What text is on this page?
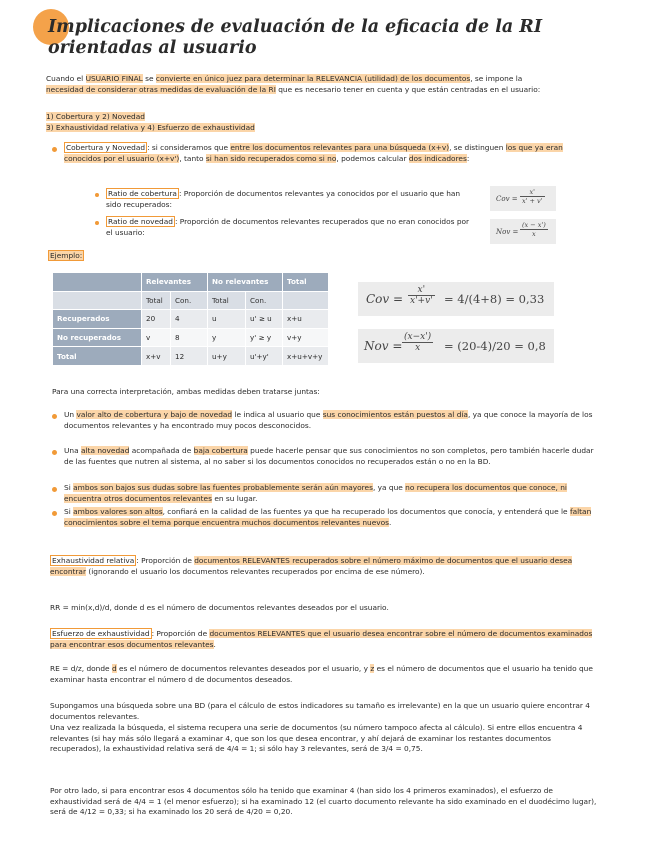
Implicaciones de evaluación de la eficacia de la RI orientadas al usuario
Cuando el USUARIO FINAL se convierte en único juez para determinar la RELEVANCIA (utilidad) de los documentos, se impone la necesidad de considerar otras medidas de evaluación de la RI que es necesario tener en cuenta y que están centradas en el usuario:
1) Cobertura y 2) Novedad
3) Exhaustividad relativa y 4) Esfuerzo de exhaustividad
Cobertura y Novedad : si consideramos que entre los documentos relevantes para una búsqueda (x+v), se distinguen los que ya eran conocidos por el usuario (x+v'), tanto si han sido recuperados como si no, podemos calcular dos indicadores:
Ratio de cobertura : Proporción de documentos relevantes ya conocidos por el usuario que han sido recuperados:
Ratio de novedad : Proporción de documentos relevantes recuperados que no eran conocidos por el usuario:
Cov =
x'
x' + v'
Nov =
(x − x')
x
Ejemplo:
	Relevantes		No relevantes		Total
	Total	Con.	Total	Con.	
Recuperados	20	4	u	u' ≥ u	x+u
No recuperados	v	8	y	y' ≥ y	v+y
Total	x+v	12	u+y	u'+y'	x+u+v+y
Cov =
x'
x'+v' = 4/(4+8) = 0,33
Nov =
(x−x')
x	= (20-4)/20 = 0,8
Para una correcta interpretación, ambas medidas deben tratarse juntas:
Un valor alto de cobertura y bajo de novedad le indica al usuario que sus conocimientos están puestos al día, ya que conoce la mayoría de los documentos relevantes y ha encontrado muy pocos desconocidos.
Una alta novedad acompañada de baja cobertura puede hacerle pensar que sus conocimientos no son completos, pero también hacerle dudar de las fuentes que nutren al sistema, al no saber si los documentos conocidos no recuperados están o no en la BD.
Si ambos son bajos sus dudas sobre las fuentes probablemente serán aún mayores, ya que no recupera los documentos que conoce, ni encuentra otros documentos relevantes en su lugar.
Si ambos valores son altos, confiará en la calidad de las fuentes ya que ha recuperado los documentos que conocía, y entenderá que le faltan conocimientos sobre el tema porque encuentra muchos documentos relevantes nuevos.
Exhaustividad relativa : Proporción de documentos RELEVANTES recuperados sobre el número máximo de documentos que el usuario desea encontrar (ignorando el usuario los documentos relevantes recuperados por encima de ese número).
RR = min(x,d)/d, donde d es el número de documentos relevantes deseados por el usuario.
Esfuerzo de exhaustividad : Proporción de documentos RELEVANTES que el usuario desea encontrar sobre el número de documentos examinados para encontrar esos documentos relevantes.
RE = d/z, donde d es el número de documentos relevantes deseados por el usuario, y z es el número de documentos que el usuario ha tenido que examinar hasta encontrar el número d de documentos deseados.
Supongamos una búsqueda sobre una BD (para el cálculo de estos indicadores su tamaño es irrelevante) en la que un usuario quiere encontrar 4 documentos relevantes.
Una vez realizada la búsqueda, el sistema recupera una serie de documentos (su número tampoco afecta al cálculo). Si entre ellos encuentra 4 relevantes (si hay más sólo llegará a examinar 4, que son los que desea encontrar, y ahí dejará de examinar los restantes documentos recuperados), la exhaustividad relativa será de 4/4 = 1; si sólo hay 3 relevantes, será de 3/4 = 0,75.
Por otro lado, si para encontrar esos 4 documentos sólo ha tenido que examinar 4 (han sido los 4 primeros examinados), el esfuerzo de exhaustividad será de 4/4 = 1 (el menor esfuerzo); si ha examinado 12 (el cuarto documento relevante ha sido examinado en el duodécimo lugar), será de 4/12 = 0,33; si ha examinado los 20 será de 4/20 = 0,20.
